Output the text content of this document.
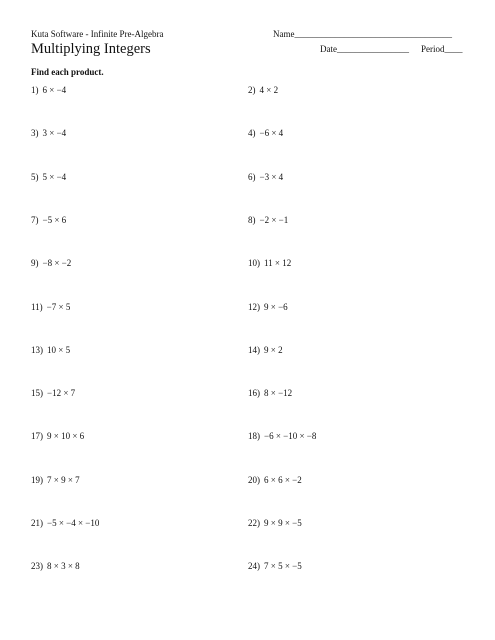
Kuta Software - Infinite Pre-Algebra	Name___________________________________
Multiplying Integers	Date________________ Period____
Find each product.
1) 6 × −4	2) 4 × 2
3) 3 × −4	4) −6 × 4
5) 5 × −4	6) −3 × 4
7) −5 × 6	8) −2 × −1
9) −8 × −2	10) 11 × 12
11) −7 × 5	12) 9 × −6
13) 10 × 5	14) 9 × 2
15) −12 × 7	16) 8 × −12
17) 9 × 10 × 6	18) −6 × −10 × −8
19) 7 × 9 × 7	20) 6 × 6 × −2
21) −5 × −4 × −10	22) 9 × 9 × −5
23) 8 × 3 × 8	24) 7 × 5 × −5
